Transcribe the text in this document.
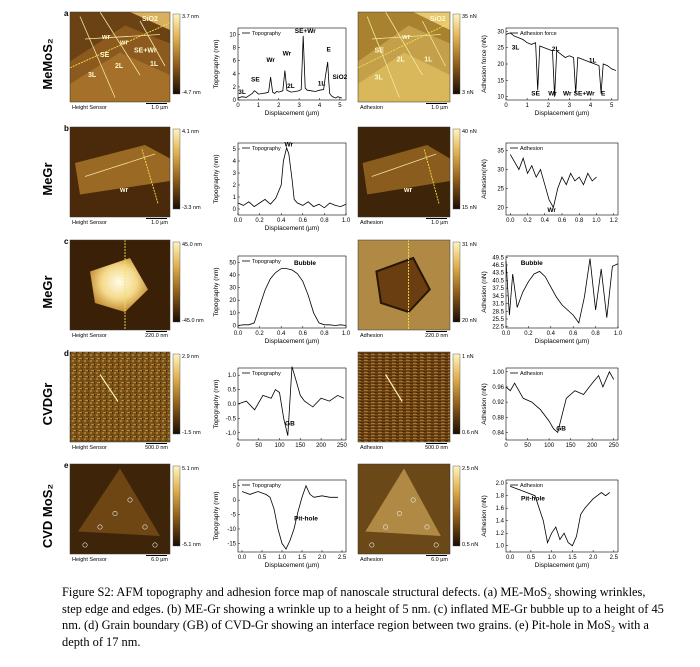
a
MeMoS₂
SiO2
wr
wr
SE
SE+Wr
1L
2L
3L
Height Sensor	1.0 µm
3.7 nm
-4.7 nm
SiO2
SE
2L	1L
3L
wr
Adhesion	1.0 µm
35 nN
3 nN
0	1	2	3	4	5
0
2
4
6
8
10
Displacement (µm)
Topography (nm)
Topography SE+Wr
Wr
Wr
E
SE
3L
2L	1L
SiO2
0	1	2	3	4	5
10
15
20
25
30
Displacement (µm)
Adhesion force (nN)
Adhesion force
3L	2L
1L
SE Wr Wr SE+Wr E
b
MeGr	wr
Height Sensor	1.0 µm
4.1 nm
-3.3 nm
wr
Adhesion	1.0 µm
40 nN
15 nN
0.0 0.2 0.4 0.6 0.8 1.0
0
1
2
3
4
5
Displacement (µm)
Topography (nm)
Topography
Wr
0.0 0.2 0.4 0.6 0.8 1.0 1.2
20
25
30
35
Adhesion(nN)
Adhesion
Wr
c
MeGr
Height Sensor	220.0 nm
45.0 nm
-45.0 nm
Adhesion	220.0 nm
31 nN
20 nN
0.0 0.2 0.4 0.6 0.8 1.0
0
10
20
30
40
50
Displacement (µm)
Topography (nm)
Topography Bubble
0.0 0.2 0.4 0.6 0.8 1.0
22.5
25.5
28.5
31.5
34.5
37.5
40.5
43.5
46.5
49.5
Displacement (µm)
Adhesion (nN)
Bubble
d
CVDGr
Height Sensor	500.0 nm
2.9 nm
-1.5 nm
Adhesion	500.0 nm
1 nN
0.6 nN
0	50 100 150 200 250
-1.0
-0.5
0.0
0.5
1.0
Topography (nm)
Topography
GB
0	50 100 150 200 250
0.84
0.88
0.92
0.96
1.00
Adhesion (nN)
Adhesion
GB
e
CVD MoS₂
Height Sensor	6.0 µm
5.1 nm
-5.1 nm
Adhesion	6.0 µm
2.5 nN
0.5 nN
0.0 0.5 1.0 1.5 2.0 2.5
-15
-10
-5
0
5
Displacement (µm)
Topography (nm)
Topography
Pit-hole
0.0 0.5 1.0 1.5 2.0 2.5
1.0
1.2
1.4
1.6
1.8
2.0
Displacement (µm)
Adhesion (nN)
Adhesion
Pit-hole
Figure S2: AFM topography and adhesion force map of nanoscale structural defects. (a) ME-MoS₂ showing wrinkles, step edge and edges. (b) ME-Gr showing a wrinkle up to a height of 5 nm. (c) inflated ME-Gr bubble up to a height of 45 nm. (d) Grain boundary (GB) of CVD-Gr showing an interface region between two grains. (e) Pit-hole in MoS₂ with a depth of 17 nm.
